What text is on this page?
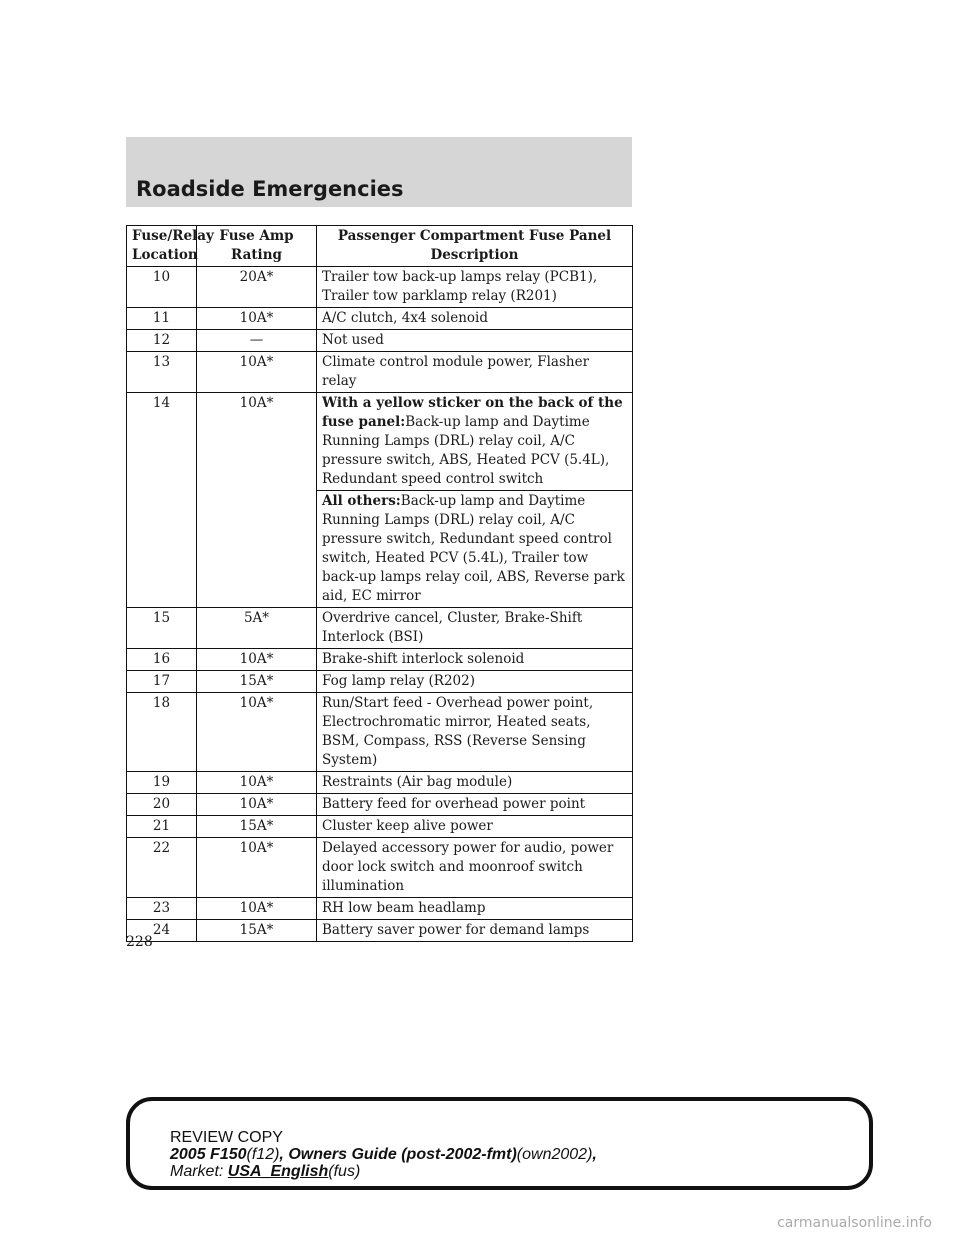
Roadside Emergencies
Fuse/Relay Location	Fuse Amp Rating	Passenger Compartment Fuse Panel Description
10	20A*	Trailer tow back-up lamps relay (PCB1), Trailer tow parklamp relay (R201)
11	10A*	A/C clutch, 4x4 solenoid
12	—	Not used
13	10A*	Climate control module power, Flasher relay
14	10A*	With a yellow sticker on the back of the fuse panel:Back-up lamp and Daytime Running Lamps (DRL) relay coil, A/C pressure switch, ABS, Heated PCV (5.4L), Redundant speed control switch
		All others:Back-up lamp and Daytime Running Lamps (DRL) relay coil, A/C pressure switch, Redundant speed control switch, Heated PCV (5.4L), Trailer tow back-up lamps relay coil, ABS, Reverse park aid, EC mirror
15	5A*	Overdrive cancel, Cluster, Brake-Shift Interlock (BSI)
16	10A*	Brake-shift interlock solenoid
17	15A*	Fog lamp relay (R202)
18	10A*	Run/Start feed - Overhead power point, Electrochromatic mirror, Heated seats, BSM, Compass, RSS (Reverse Sensing System)
19	10A*	Restraints (Air bag module)
20	10A*	Battery feed for overhead power point
21	15A*	Cluster keep alive power
22	10A*	Delayed accessory power for audio, power door lock switch and moonroof switch illumination
23	10A*	RH low beam headlamp
24	15A*	Battery saver power for demand lamps
228
REVIEW COPY
2005 F150(f12), Owners Guide (post-2002-fmt)(own2002),
Market: USA_English(fus)
carmanualsonline.info
